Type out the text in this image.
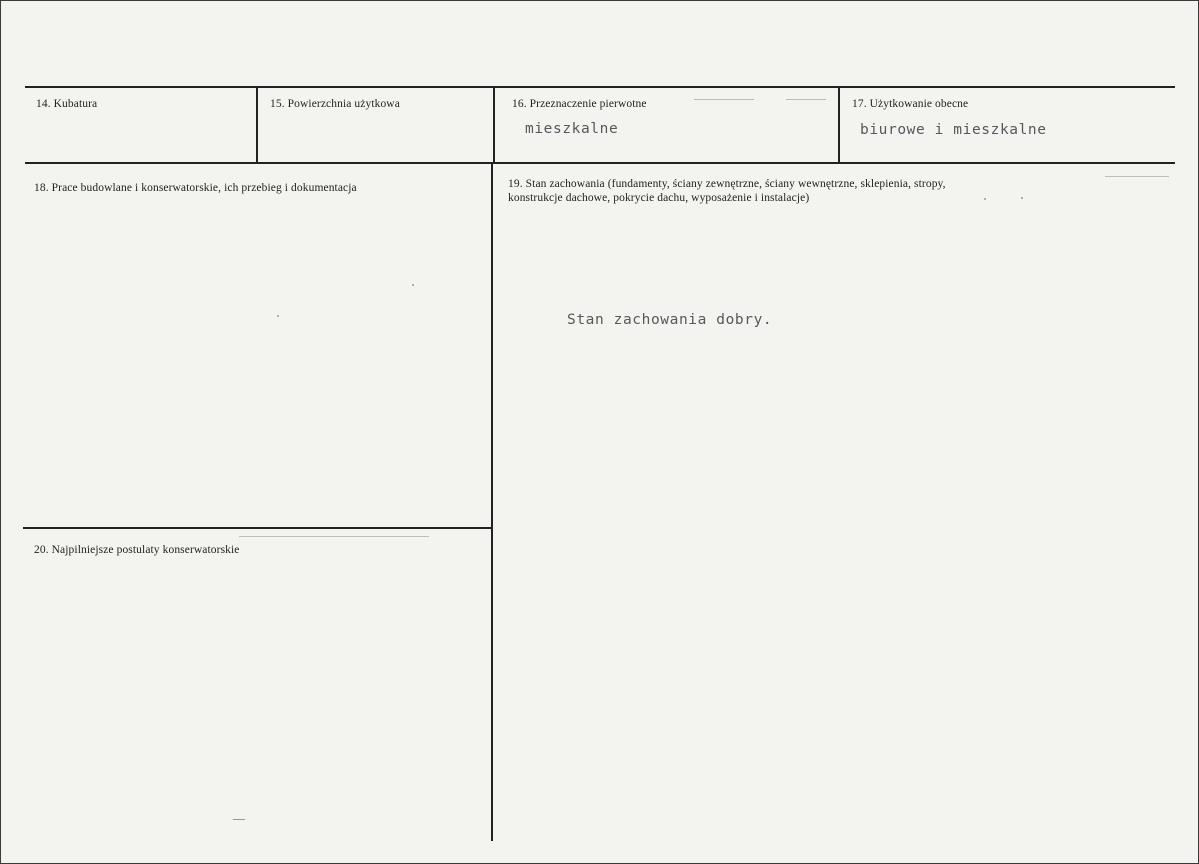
14. Kubatura	15. Powierzchnia użytkowa	16. Przeznaczenie pierwotne
mieszkalne
17. Użytkowanie obecne
biurowe i mieszkalne
18. Prace budowlane i konserwatorskie, ich przebieg i dokumentacja	19. Stan zachowania (fundamenty, ściany zewnętrzne, ściany wewnętrzne, sklepienia, stropy,
konstrukcje dachowe, pokrycie dachu, wyposażenie i instalacje)
Stan zachowania dobry.
20. Najpilniejsze postulaty konserwatorskie
